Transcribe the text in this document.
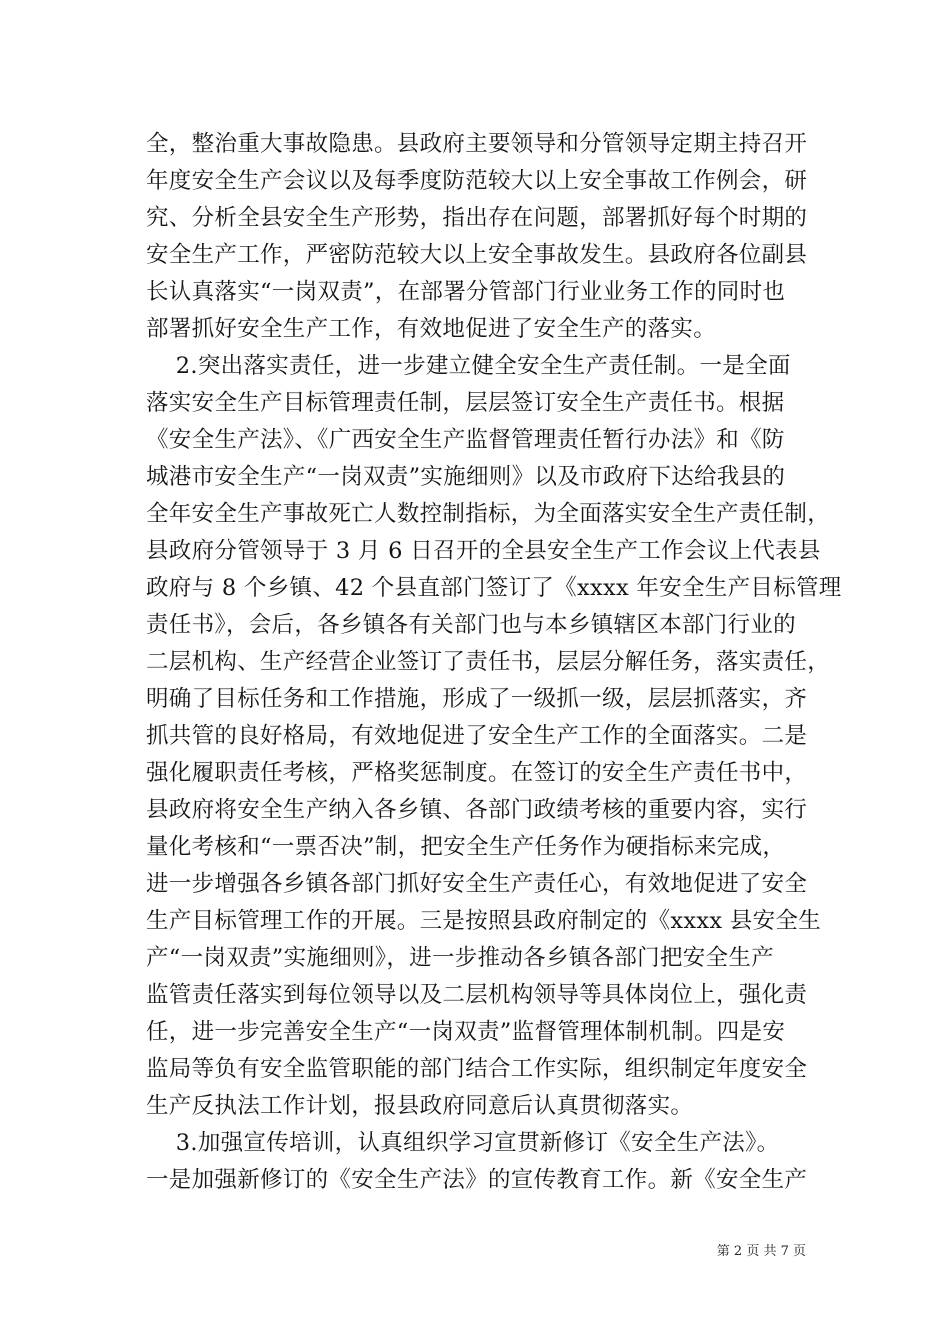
全，整治重大事故隐患。县政府主要领导和分管领导定期主持召开
年度安全生产会议以及每季度防范较大以上安全事故工作例会，研
究、分析全县安全生产形势，指出存在问题，部署抓好每个时期的
安全生产工作，严密防范较大以上安全事故发生。县政府各位副县
长认真落实“一岗双责”，在部署分管部门行业业务工作的同时也
部署抓好安全生产工作，有效地促进了安全生产的落实。
2.突出落实责任，进一步建立健全安全生产责任制。一是全面
落实安全生产目标管理责任制，层层签订安全生产责任书。根据
《安全生产法》、《广西安全生产监督管理责任暂行办法》和《防
城港市安全生产“一岗双责”实施细则》以及市政府下达给我县的
全年安全生产事故死亡人数控制指标，为全面落实安全生产责任制，
县政府分管领导于 3 月 6 日召开的全县安全生产工作会议上代表县
政府与 8 个乡镇、42 个县直部门签订了《xxxx 年安全生产目标管理
责任书》，会后，各乡镇各有关部门也与本乡镇辖区本部门行业的
二层机构、生产经营企业签订了责任书，层层分解任务，落实责任，
明确了目标任务和工作措施，形成了一级抓一级，层层抓落实，齐
抓共管的良好格局，有效地促进了安全生产工作的全面落实。二是
强化履职责任考核，严格奖惩制度。在签订的安全生产责任书中，
县政府将安全生产纳入各乡镇、各部门政绩考核的重要内容，实行
量化考核和“一票否决”制，把安全生产任务作为硬指标来完成，
进一步增强各乡镇各部门抓好安全生产责任心，有效地促进了安全
生产目标管理工作的开展。三是按照县政府制定的《xxxx 县安全生
产“一岗双责”实施细则》，进一步推动各乡镇各部门把安全生产
监管责任落实到每位领导以及二层机构领导等具体岗位上，强化责
任，进一步完善安全生产“一岗双责”监督管理体制机制。四是安
监局等负有安全监管职能的部门结合工作实际，组织制定年度安全
生产反执法工作计划，报县政府同意后认真贯彻落实。
3.加强宣传培训，认真组织学习宣贯新修订《安全生产法》。
一是加强新修订的《安全生产法》的宣传教育工作。新《安全生产
第 2 页 共 7 页
